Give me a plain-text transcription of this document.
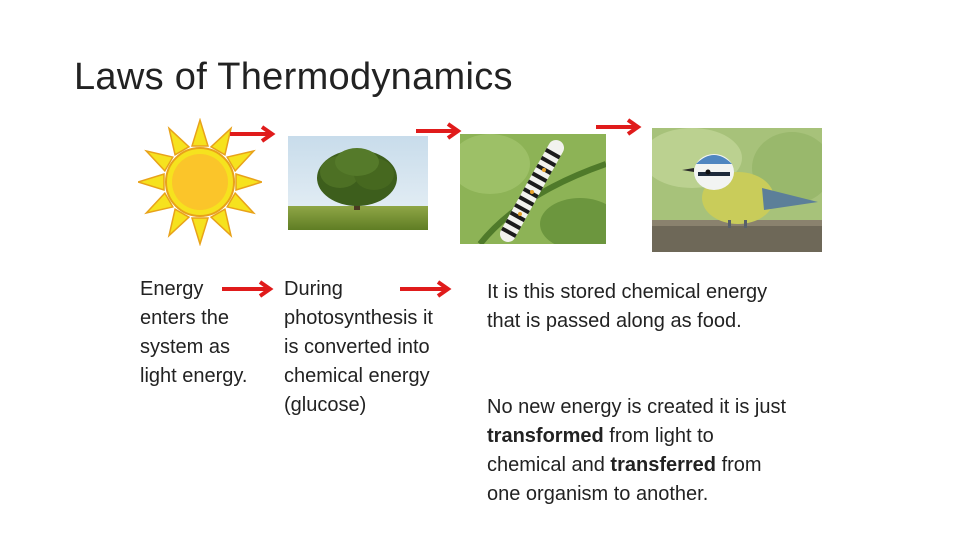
Laws of Thermodynamics
Energy enters the system as light energy.
During photosynthesis it is converted into chemical energy (glucose)
It is this stored chemical energy that is passed along as food.
No new energy is created it is just transformed from light to chemical and transferred from one organism to another.
